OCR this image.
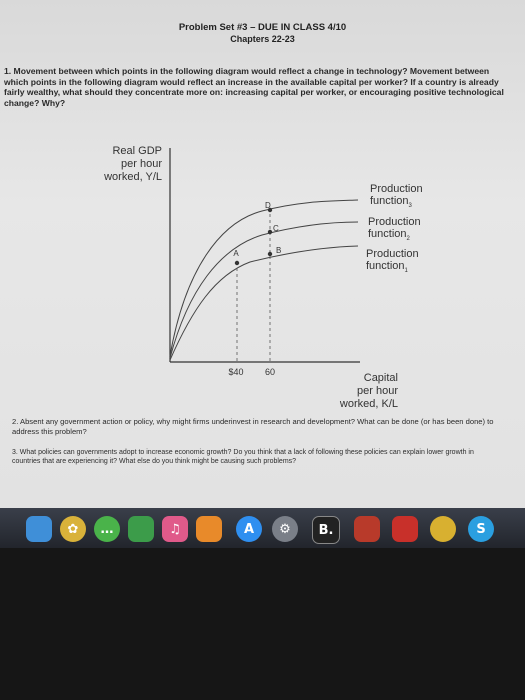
Problem Set #3 – DUE IN CLASS 4/10
Chapters 22-23
1. Movement between which points in the following diagram would reflect a change in technology? Movement between which points in the following diagram would reflect an increase in the available capital per worker? If a country is already fairly wealthy, what should they concentrate more on: increasing capital per worker, or encouraging positive technological change? Why?
Real GDP
per hour
worked, Y/L
A	B
C
D
$40 60
Production
function$_3$
Production
function$_2$
Production
function$_1$
Capital
per hour
worked, K/L
2. Absent any government action or policy, why might firms underinvest in research and development? What can be done (or has been done) to address this problem?
3. What policies can governments adopt to increase economic growth? Do you think that a lack of following these policies can explain lower growth in countries that are experiencing it? What else do you think might be causing such problems?
✿	…	♫	A	⚙	B.	S
